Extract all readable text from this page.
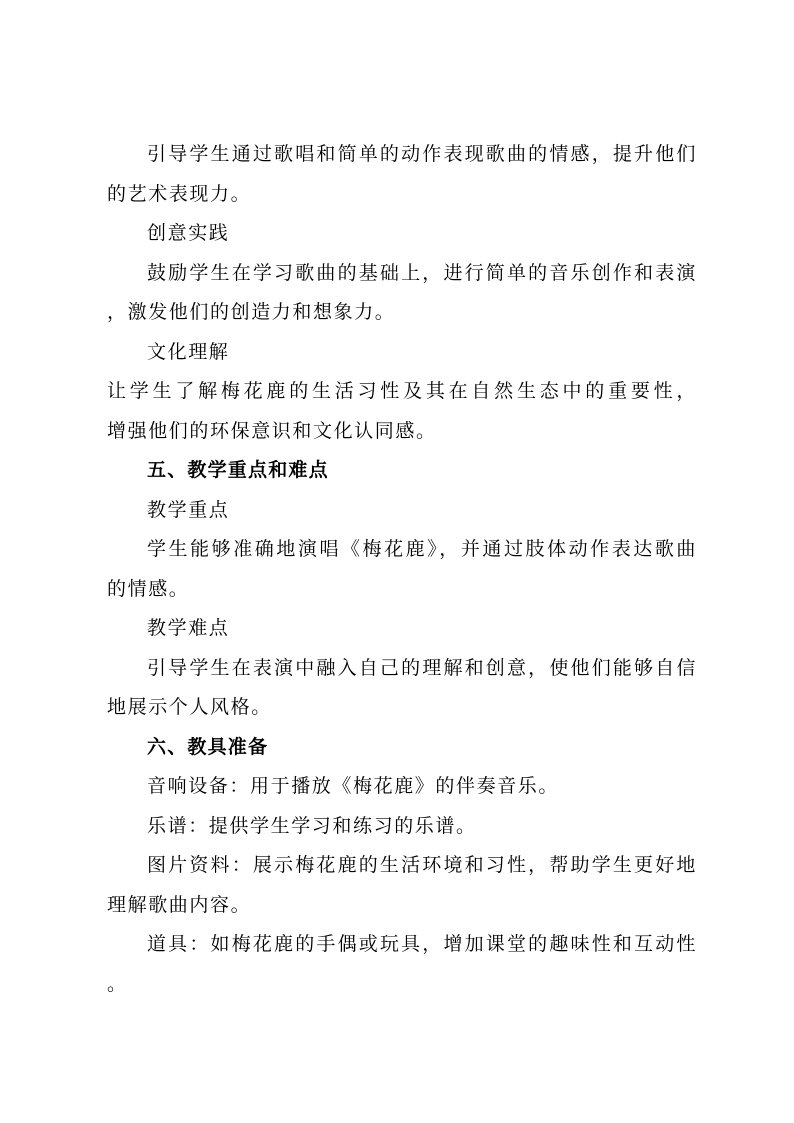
引导学生通过歌唱和简单的动作表现歌曲的情感，提升他们
的艺术表现力。
创意实践
鼓励学生在学习歌曲的基础上，进行简单的音乐创作和表演
，激发他们的创造力和想象力。
文化理解
让学生了解梅花鹿的生活习性及其在自然生态中的重要性，
增强他们的环保意识和文化认同感。
五、教学重点和难点
教学重点
学生能够准确地演唱《梅花鹿》，并通过肢体动作表达歌曲
的情感。
教学难点
引导学生在表演中融入自己的理解和创意，使他们能够自信
地展示个人风格。
六、教具准备
音响设备：用于播放《梅花鹿》的伴奏音乐。
乐谱：提供学生学习和练习的乐谱。
图片资料：展示梅花鹿的生活环境和习性，帮助学生更好地
理解歌曲内容。
道具：如梅花鹿的手偶或玩具，增加课堂的趣味性和互动性
。
